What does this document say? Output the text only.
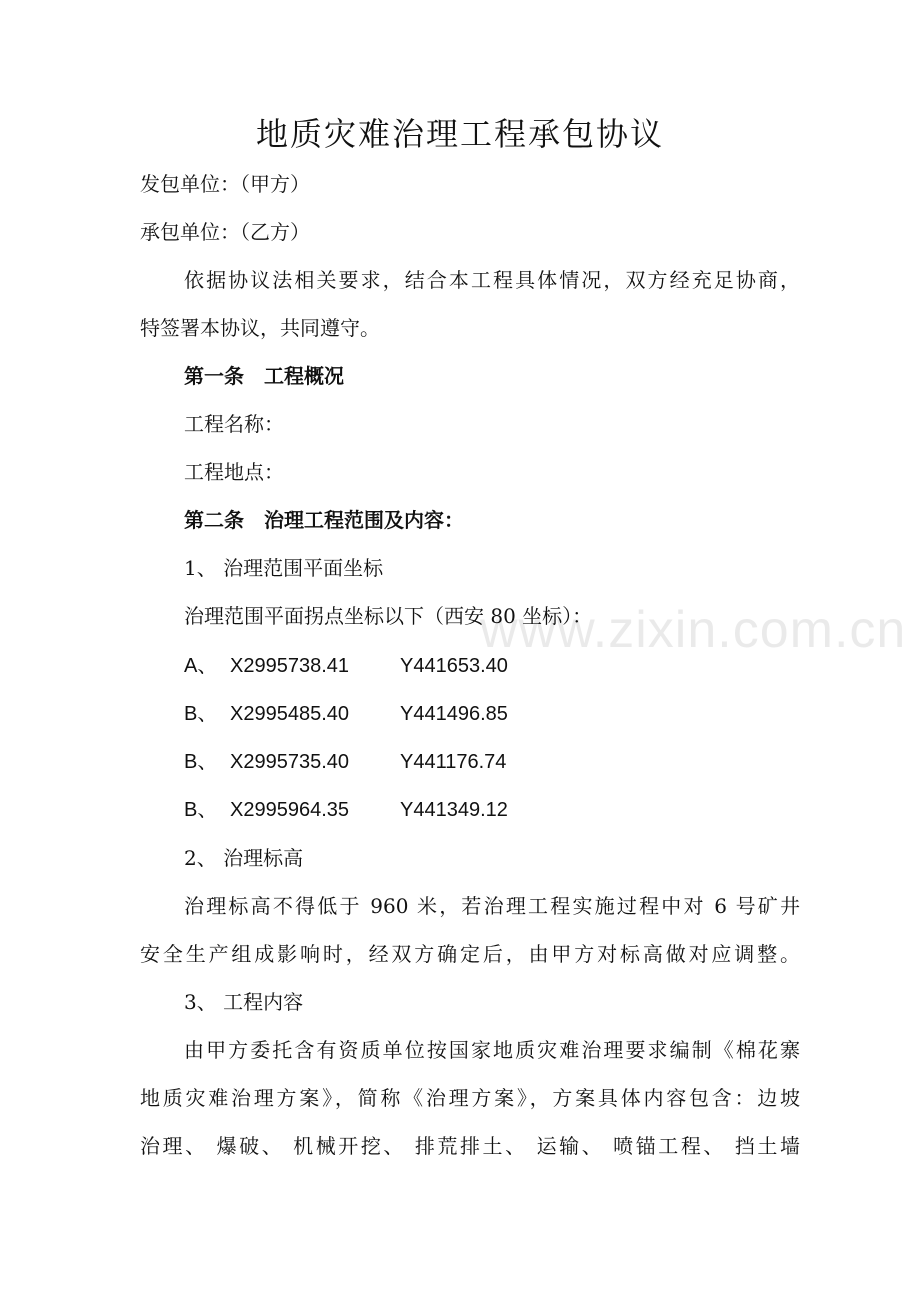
地质灾难治理工程承包协议
发包单位：（甲方）
承包单位：（乙方）
依据协议法相关要求，结合本工程具体情况，双方经充足协商，
特签署本协议，共同遵守。
第一条　工程概况
工程名称：
工程地点：
第二条　治理工程范围及内容：
1、 治理范围平面坐标
治理范围平面拐点坐标以下（西安 80 坐标）：
A、 X2995738.41	Y441653.40
B、 X2995485.40	Y441496.85
B、 X2995735.40	Y441176.74
B、 X2995964.35	Y441349.12
2、 治理标高
治理标高不得低于 960 米，若治理工程实施过程中对 6 号矿井
安全生产组成影响时，经双方确定后，由甲方对标高做对应调整。
3、 工程内容
由甲方委托含有资质单位按国家地质灾难治理要求编制《棉花寨
地质灾难治理方案》，简称《治理方案》，方案具体内容包含：边坡
治理、 爆破、 机械开挖、 排荒排土、 运输、 喷锚工程、 挡土墙
www.zixin.com.cn
